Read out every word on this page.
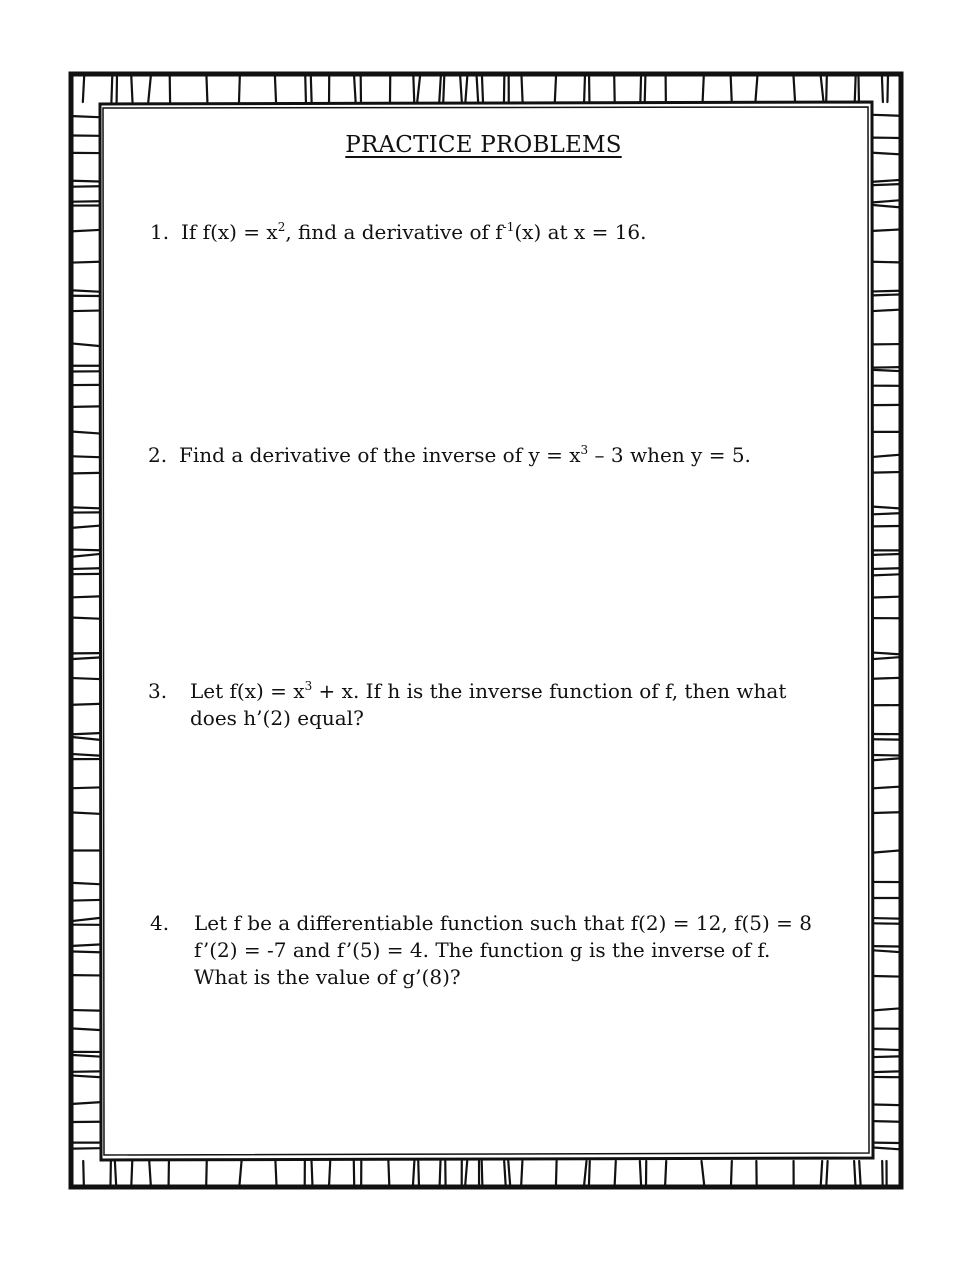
PRACTICE PROBLEMS
1. If $f(x) = x^2$, find a derivative of $f^{-1}(x)$ at x = 16.
2. Find a derivative of the inverse of $y = x^3 - 3$ when y = 5.
3. Let $f(x) = x^3 + x$. If h is the inverse function of f, then what
does h’(2) equal?
4. Let f be a differentiable function such that f(2) = 12, f(5) = 8
f’(2) = -7 and f’(5) = 4. The function g is the inverse of f.
What is the value of g’(8)?
